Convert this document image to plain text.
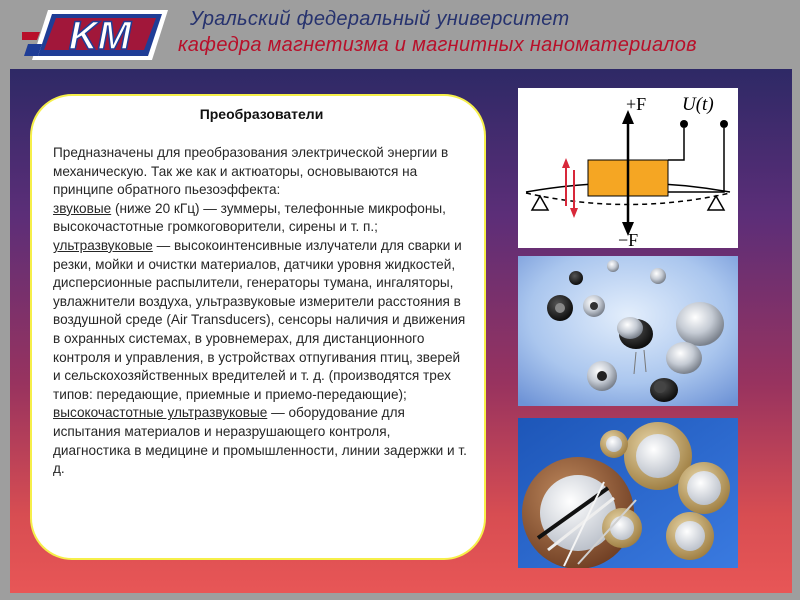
KM	Уральский федеральный университет
кафедра магнетизма и магнитных наноматериалов
Преобразователи

Предназначены для преобразования электрической энергии в механическую. Так же как и актюаторы, основываются на принципе обратного пьезоэффекта:
звуковые (ниже 20 кГц) — зуммеры, телефонные микрофоны, высокочастотные громкоговорители, сирены и т. п.;
ультразвуковые — высокоинтенсивные излучатели для сварки и резки, мойки и очистки материалов, датчики уровня жидкостей, дисперсионные распылители, генераторы тумана, ингаляторы, увлажнители воздуха, ультразвуковые измерители расстояния в воздушной среде (Air Transducers), сенсоры наличия и движения в охранных системах, в уровнемерах, для дистанционного контроля и управления, в устройствах отпугивания птиц, зверей и сельскохозяйственных вредителей и т. д. (производятся трех типов: передающие, приемные и приемо-передающие);
высокочастотные ультразвуковые — оборудование для испытания материалов и неразрушающего контроля, диагностика в медицине и промышленности, линии задержки и т. д.

+F
−F
U(t)
